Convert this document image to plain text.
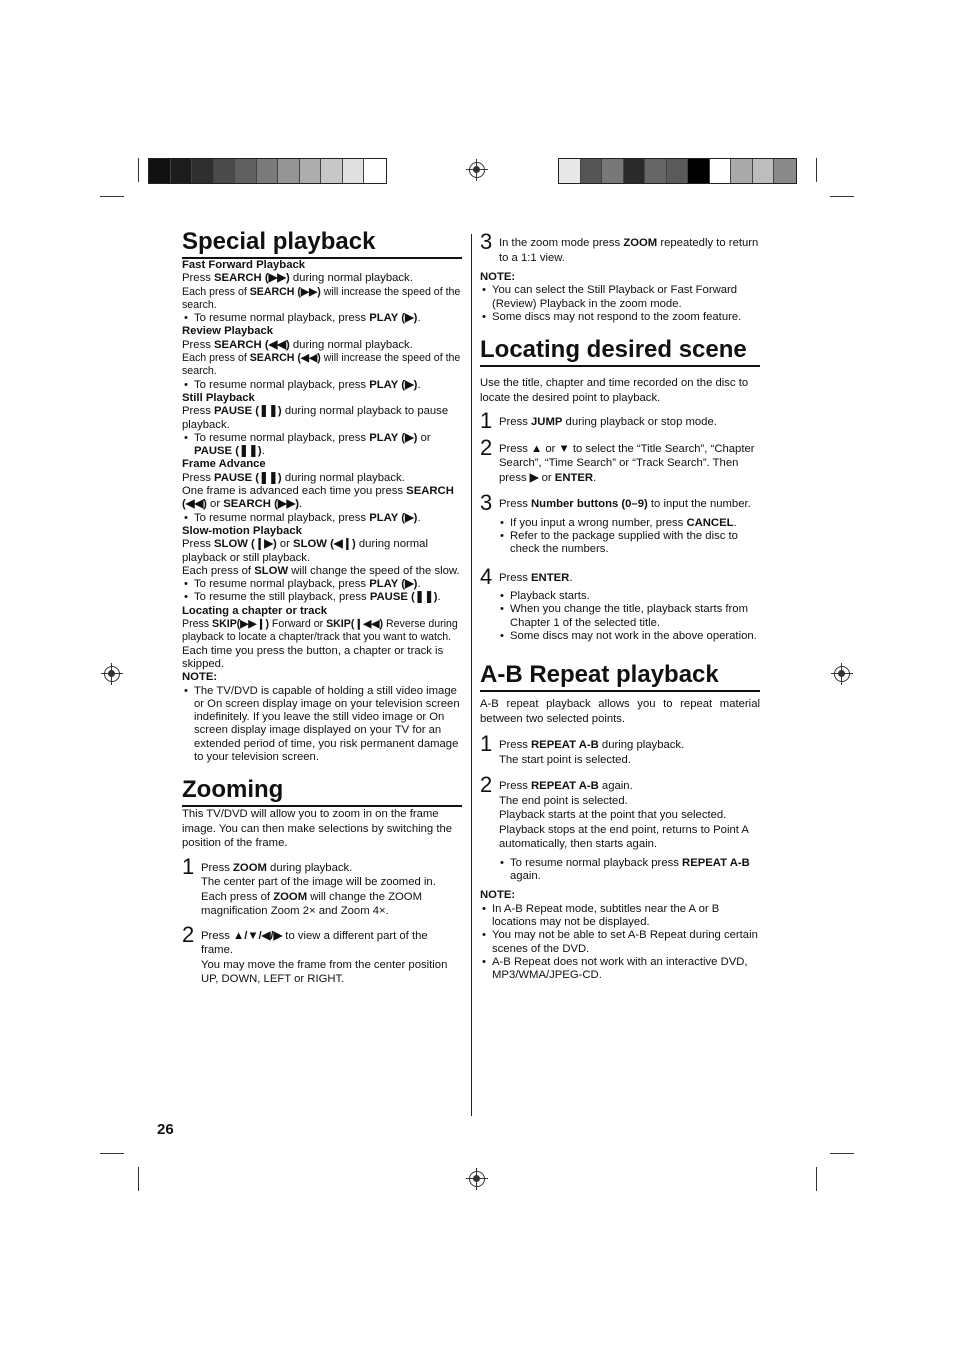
Special playback

Fast Forward Playback

Press SEARCH (▶▶) during normal playback.

Each press of SEARCH (▶▶) will increase the speed of the search.

• To resume normal playback, press PLAY (▶).

Review Playback

Press SEARCH (◀◀) during normal playback.

Each press of SEARCH (◀◀) will increase the speed of the search.

• To resume normal playback, press PLAY (▶).

Still Playback

Press PAUSE (❚❚) during normal playback to pause playback.

• To resume normal playback, press PLAY (▶) or PAUSE (❚❚).

Frame Advance

Press PAUSE (❚❚) during normal playback.

One frame is advanced each time you press SEARCH (◀◀) or SEARCH (▶▶).

• To resume normal playback, press PLAY (▶).

Slow-motion Playback

Press SLOW (❙▶) or SLOW (◀❙) during normal playback or still playback.

Each press of SLOW will change the speed of the slow.

• To resume normal playback, press PLAY (▶).

• To resume the still playback, press PAUSE (❚❚).

Locating a chapter or track

Press SKIP(▶▶❙) Forward or SKIP(❙◀◀) Reverse during playback to locate a chapter/track that you want to watch.

Each time you press the button, a chapter or track is skipped.

NOTE:

• The TV/DVD is capable of holding a still video image or On screen display image on your television screen indefinitely. If you leave the still video image or On screen display image displayed on your TV for an extended period of time, you risk permanent damage to your television screen.

Zooming

This TV/DVD will allow you to zoom in on the frame image. You can then make selections by switching the position of the frame.

1 Press ZOOM during playback.

The center part of the image will be zoomed in.

Each press of ZOOM will change the ZOOM magnification Zoom 2× and Zoom 4×.

2 Press ▲/▼/◀/▶ to view a different part of the frame.

You may move the frame from the center position UP, DOWN, LEFT or RIGHT.

3 In the zoom mode press ZOOM repeatedly to return to a 1:1 view.

NOTE:

• You can select the Still Playback or Fast Forward (Review) Playback in the zoom mode.

• Some discs may not respond to the zoom feature.

Locating desired scene

Use the title, chapter and time recorded on the disc to locate the desired point to playback.

1 Press JUMP during playback or stop mode.

2 Press ▲ or ▼ to select the “Title Search”, “Chapter Search”, “Time Search” or “Track Search”. Then press ▶ or ENTER.

3 Press Number buttons (0–9) to input the number.

• If you input a wrong number, press CANCEL.

• Refer to the package supplied with the disc to check the numbers.

4 Press ENTER.

• Playback starts.

• When you change the title, playback starts from Chapter 1 of the selected title.

• Some discs may not work in the above operation.

A-B Repeat playback

A-B repeat playback allows you to repeat material between two selected points.

1 Press REPEAT A-B during playback.

The start point is selected.

2 Press REPEAT A-B again.

The end point is selected.

Playback starts at the point that you selected. Playback stops at the end point, returns to Point A automatically, then starts again.

• To resume normal playback press REPEAT A-B again.

NOTE:

• In A-B Repeat mode, subtitles near the A or B locations may not be displayed.

• You may not be able to set A-B Repeat during certain scenes of the DVD.

• A-B Repeat does not work with an interactive DVD, MP3/WMA/JPEG-CD.

26
